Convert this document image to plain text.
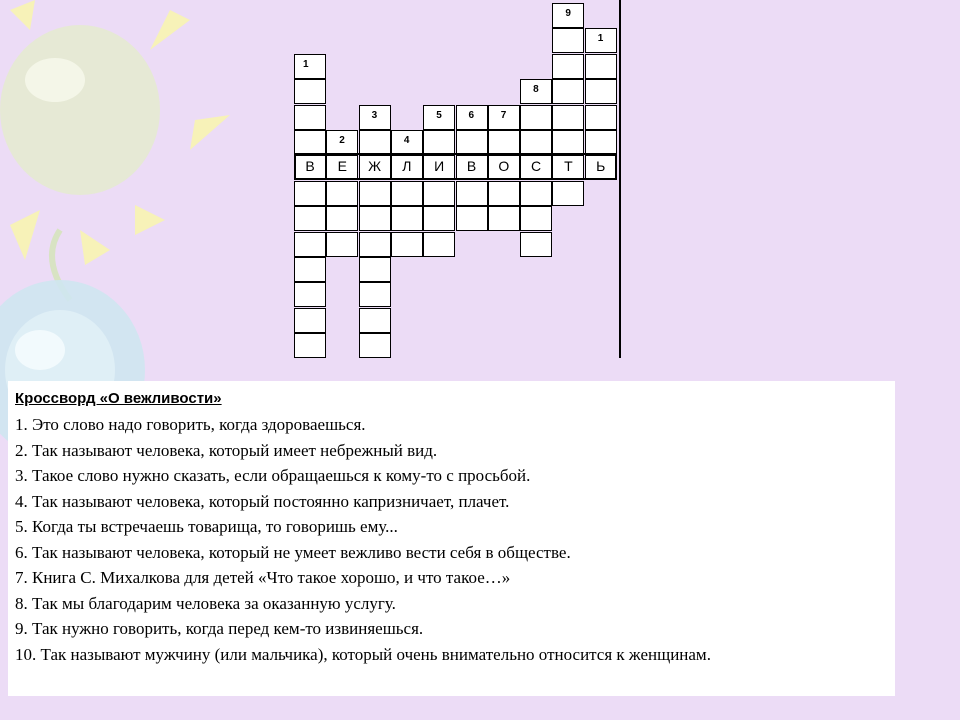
1
В
2
Е
3
Ж
4
Л
5
И
6
В
7
О
8
С
9
Т
1
Ь
Кроссворд «О вежливости»
1. Это слово надо говорить, когда здороваешься.
2. Так называют человека, который имеет небрежный вид.
3. Такое слово нужно сказать, если обращаешься к кому-то с просьбой.
4. Так называют человека, который постоянно капризничает, плачет.
5. Когда ты встречаешь товарища, то говоришь ему...
6. Так называют человека, который не умеет вежливо вести себя в обществе.
7. Книга С. Михалкова для детей «Что такое хорошо, и что такое…»
8. Так мы благодарим человека за оказанную услугу.
9. Так нужно говорить, когда перед кем-то извиняешься.
10. Так называют мужчину (или мальчика), который очень внимательно относится к женщинам.
